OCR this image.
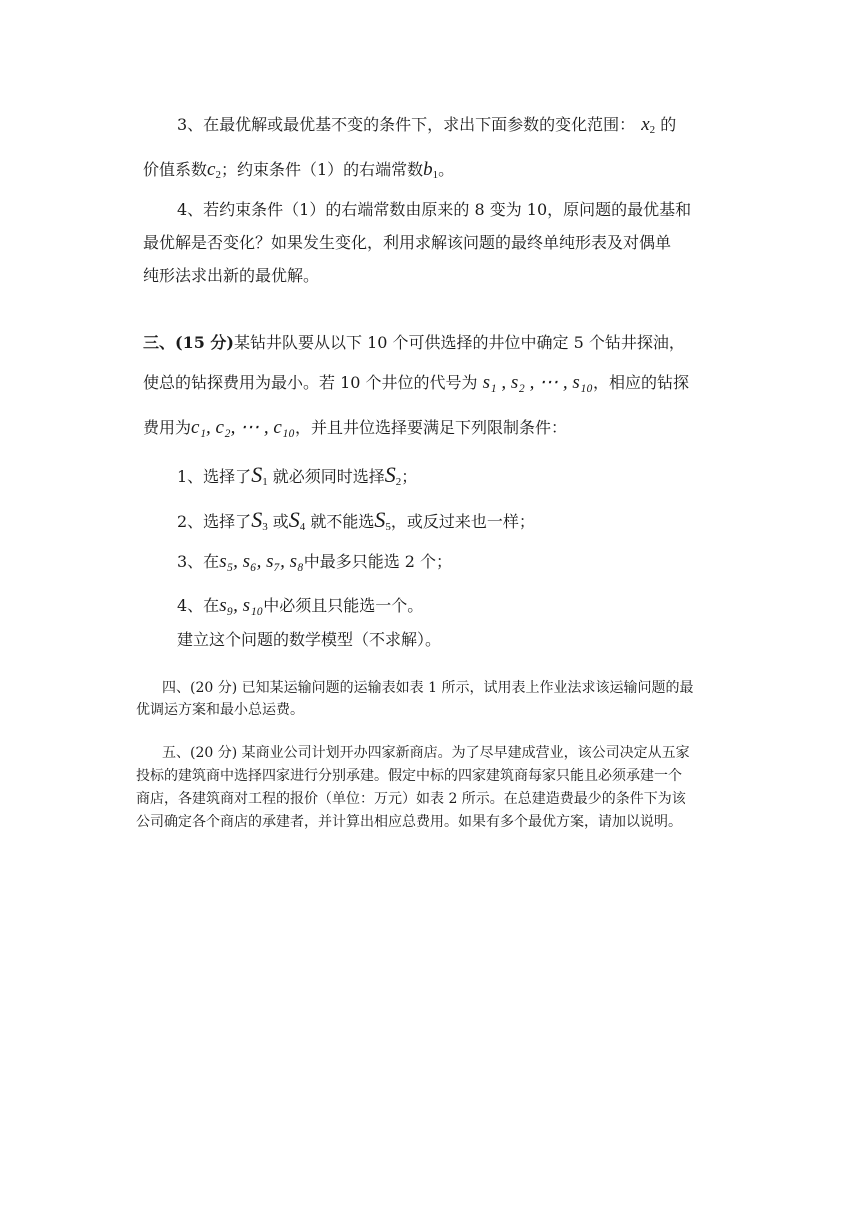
3、在最优解或最优基不变的条件下，求出下面参数的变化范围： $x_2$ 的
价值系数$c_2$；约束条件（1）的右端常数$b_1$。
4、若约束条件（1）的右端常数由原来的 8 变为 10，原问题的最优基和
最优解是否变化？如果发生变化，利用求解该问题的最终单纯形表及对偶单
纯形法求出新的最优解。
三、(15 分)某钻井队要从以下 10 个可供选择的井位中确定 5 个钻井探油，
使总的钻探费用为最小。若 10 个井位的代号为 s₁ , s₂ , ⋯ , s₁₀，相应的钻探
费用为c₁, c₂, ⋯ , c₁₀，并且井位选择要满足下列限制条件：
1、选择了$S_1$ 就必须同时选择$S_2$；
2、选择了$S_3$ 或$S_4$ 就不能选$S_5$，或反过来也一样；
3、在s₅, s₆, s₇, s₈中最多只能选 2 个；
4、在s₉, s₁₀中必须且只能选一个。
建立这个问题的数学模型（不求解）。
四、(20 分) 已知某运输问题的运输表如表 1 所示，试用表上作业法求该运输问题的最
优调运方案和最小总运费。
五、(20 分) 某商业公司计划开办四家新商店。为了尽早建成营业，该公司决定从五家
投标的建筑商中选择四家进行分别承建。假定中标的四家建筑商每家只能且必须承建一个
商店，各建筑商对工程的报价（单位：万元）如表 2 所示。在总建造费最少的条件下为该
公司确定各个商店的承建者，并计算出相应总费用。如果有多个最优方案，请加以说明。
